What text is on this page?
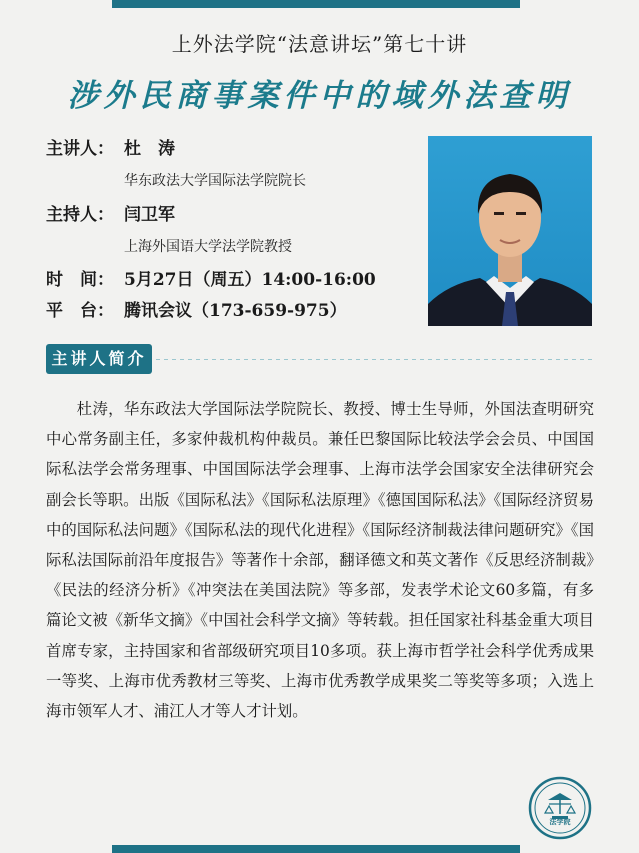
上外法学院“法意讲坛”第七十讲
涉外民商事案件中的域外法查明
主讲人： 杜　涛
华东政法大学国际法学院院长
主持人： 闫卫军
上海外国语大学法学院教授
时　间： 5月27日（周五）14:00-16:00
平　台： 腾讯会议（173-659-975）
主讲人简介
杜涛，华东政法大学国际法学院院长、教授、博士生导师，外国法查明研究中心常务副主任，多家仲裁机构仲裁员。兼任巴黎国际比较法学会会员、中国国际私法学会常务理事、中国国际法学会理事、上海市法学会国家安全法律研究会副会长等职。出版《国际私法》《国际私法原理》《德国国际私法》《国际经济贸易中的国际私法问题》《国际私法的现代化进程》《国际经济制裁法律问题研究》《国际私法国际前沿年度报告》等著作十余部，翻译德文和英文著作《反思经济制裁》《民法的经济分析》《冲突法在美国法院》等多部，发表学术论文60多篇，有多篇论文被《新华文摘》《中国社会科学文摘》等转载。担任国家社科基金重大项目首席专家，主持国家和省部级研究项目10多项。获上海市哲学社会科学优秀成果一等奖、上海市优秀教材三等奖、上海市优秀教学成果奖二等奖等多项；入选上海市领军人才、浦江人才等人才计划。
法学院
